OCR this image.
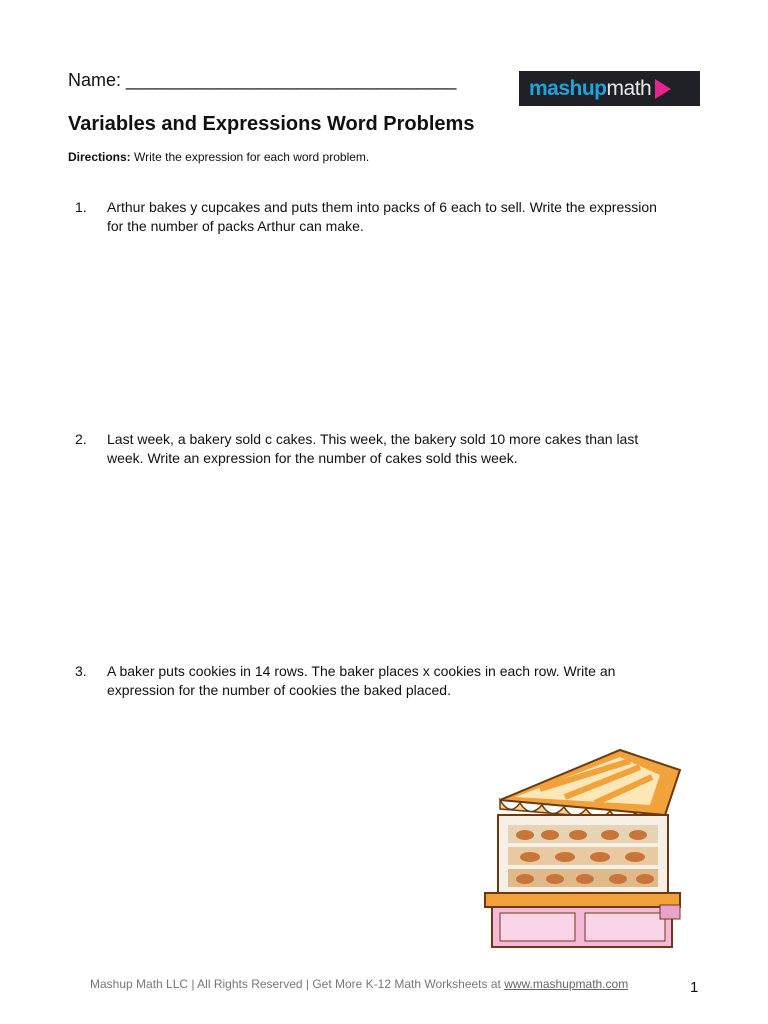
Name: _________________________________	mashupmath
Variables and Expressions Word Problems
Directions: Write the expression for each word problem.
1.	Arthur bakes y cupcakes and puts them into packs of 6 each to sell. Write the expression for the number of packs Arthur can make.
2.	Last week, a bakery sold c cakes. This week, the bakery sold 10 more cakes than last week. Write an expression for the number of cakes sold this week.
3.	A baker puts cookies in 14 rows. The baker places x cookies in each row. Write an expression for the number of cookies the baked placed.
Mashup Math LLC | All Rights Reserved | Get More K-12 Math Worksheets at www.mashupmath.com	1
